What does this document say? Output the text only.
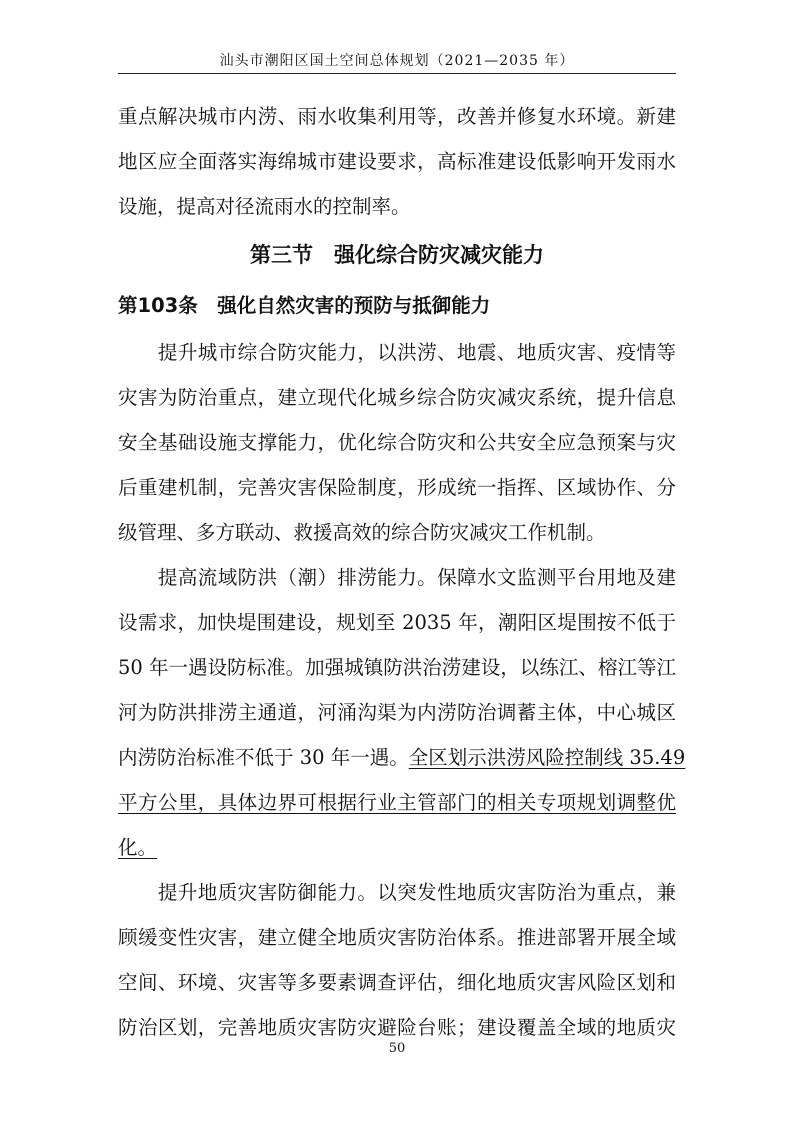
汕头市潮阳区国土空间总体规划（2021—2035 年）
重点解决城市内涝、雨水收集利用等，改善并修复水环境。新建
地区应全面落实海绵城市建设要求，高标准建设低影响开发雨水
设施，提高对径流雨水的控制率。
第三节　强化综合防灾减灾能力
第103条　强化自然灾害的预防与抵御能力
　　提升城市综合防灾能力，以洪涝、地震、地质灾害、疫情等
灾害为防治重点，建立现代化城乡综合防灾减灾系统，提升信息
安全基础设施支撑能力，优化综合防灾和公共安全应急预案与灾
后重建机制，完善灾害保险制度，形成统一指挥、区域协作、分
级管理、多方联动、救援高效的综合防灾减灾工作机制。
　　提高流域防洪（潮）排涝能力。保障水文监测平台用地及建
设需求，加快堤围建设，规划至 2035 年，潮阳区堤围按不低于
50 年一遇设防标准。加强城镇防洪治涝建设，以练江、榕江等江
河为防洪排涝主通道，河涌沟渠为内涝防治调蓄主体，中心城区
内涝防治标准不低于 30 年一遇。全区划示洪涝风险控制线 35.49
平方公里，具体边界可根据行业主管部门的相关专项规划调整优
化。
　　提升地质灾害防御能力。以突发性地质灾害防治为重点，兼
顾缓变性灾害，建立健全地质灾害防治体系。推进部署开展全域
空间、环境、灾害等多要素调查评估，细化地质灾害风险区划和
防治区划，完善地质灾害防灾避险台账；建设覆盖全域的地质灾
50
